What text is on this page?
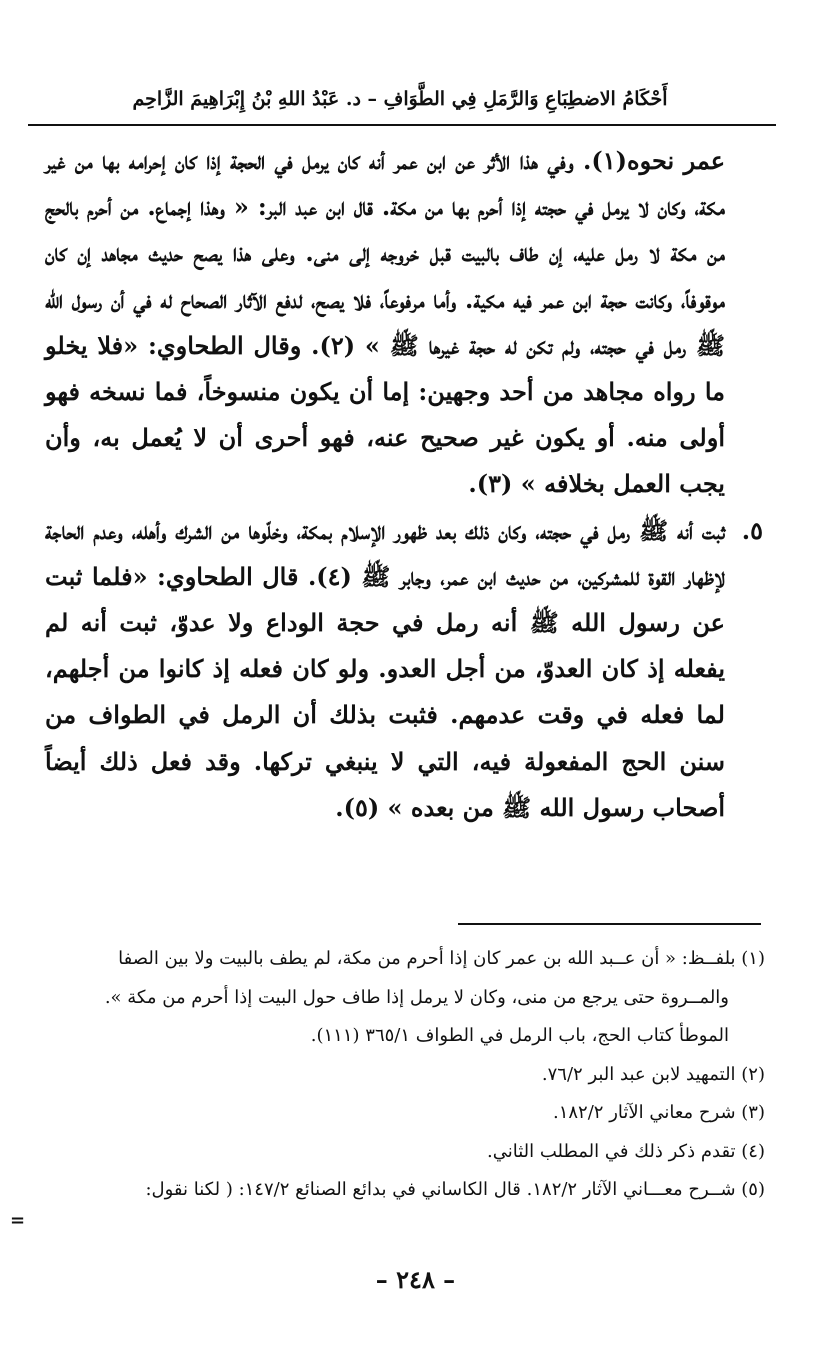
أَحْكَامُ الاضطِبَاعِ وَالرَّمَلِ فِي الطَّوَافِ – د. عَبْدُ اللهِ بْنُ إِبْرَاهِيمَ الزَّاحِم

عمر نحوه(١). وفي هذا الأثر عن ابن عمر أنه كان يرمل في الحجة إذا كان إحرامه بها من غير مكة، وكان لا يرمل في حجته إذا أحرم بها من مكة. قال ابن عبد البر: « وهذا إجماع. من أحرم بالحج من مكة لا رمل عليه، إن طاف بالبيت قبل خروجه إلى منى. وعلى هذا يصح حديث مجاهد إن كان موقوفاً، وكانت حجة ابن عمر فيه مكية. وأما مرفوعاً، فلا يصح، لدفع الآثار الصحاح له في أن رسول الله ﷺ رمل في حجته، ولم تكن له حجة غيرها ﷺ » (٢). وقال الطحاوي: «فلا يخلو ما رواه مجاهد من أحد وجهين: إما أن يكون منسوخاً، فما نسخه فهو أولى منه. أو يكون غير صحيح عنه، فهو أحرى أن لا يُعمل به، وأن يجب العمل بخلافه » (٣).

٥.
ثبت أنه ﷺ رمل في حجته، وكان ذلك بعد ظهور الإسلام بمكة، وخلّوها من الشرك وأهله، وعدم الحاجة لإظهار القوة للمشركين، من حديث ابن عمر، وجابر ﷺ (٤). قال الطحاوي: «فلما ثبت عن رسول الله ﷺ أنه رمل في حجة الوداع ولا عدوّ، ثبت أنه لم يفعله إذ كان العدوّ، من أجل العدو. ولو كان فعله إذ كانوا من أجلهم، لما فعله في وقت عدمهم. فثبت بذلك أن الرمل في الطواف من سنن الحج المفعولة فيه، التي لا ينبغي تركها. وقد فعل ذلك أيضاً أصحاب رسول الله ﷺ من بعده » (٥).

(١) بلفــظ: « أن عــبد الله بن عمر كان إذا أحرم من مكة، لم يطف بالبيت ولا بين الصفا

والمــروة حتى يرجع من منى، وكان لا يرمل إذا طاف حول البيت إذا أحرم من مكة ».

الموطأ كتاب الحج، باب الرمل في الطواف ٣٦٥/١ (١١١).

(٢) التمهيد لابن عبد البر ٧٦/٢.

(٣) شرح معاني الآثار ١٨٢/٢.

(٤) تقدم ذكر ذلك في المطلب الثاني.

(٥) شــرح معـــاني الآثار ١٨٢/٢. قال الكاساني في بدائع الصنائع ١٤٧/٢: ( لكنا نقول:

=
– ٢٤٨ –
